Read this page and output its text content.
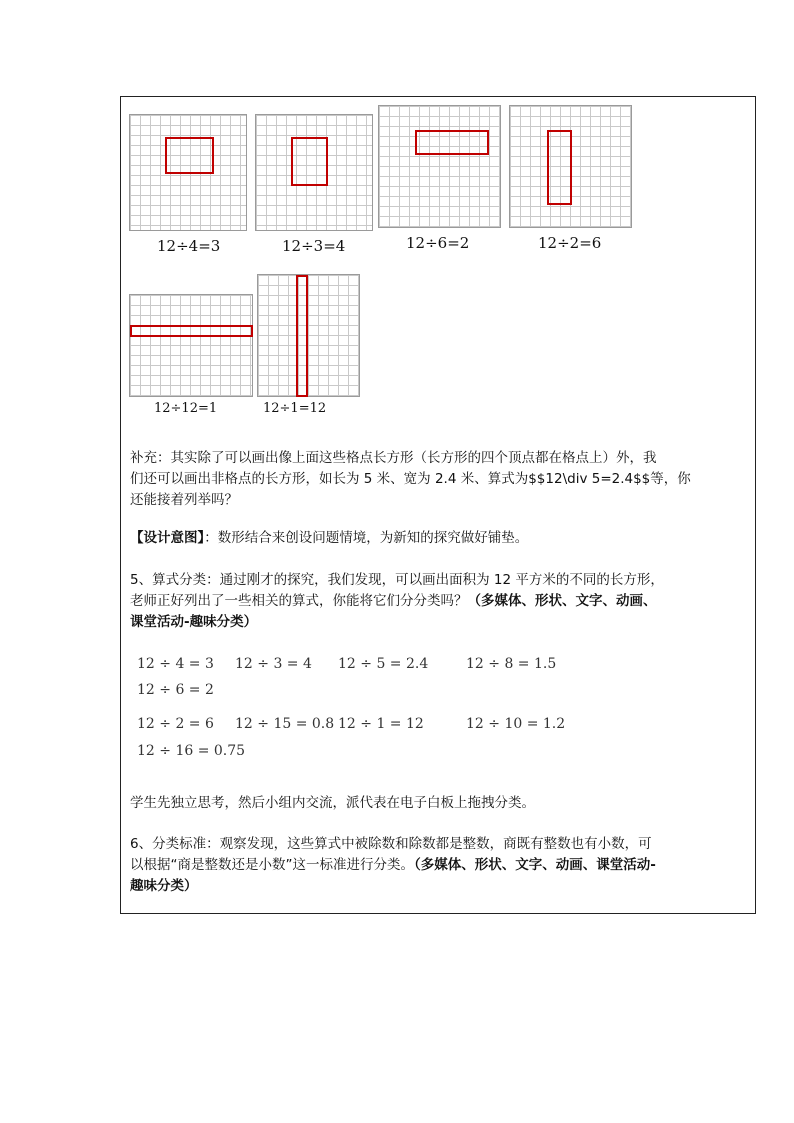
12÷4=3	12÷3=4	12÷6=2	12÷2=6
12÷12=1	12÷1=12
补充：其实除了可以画出像上面这些格点长方形（长方形的四个顶点都在格点上）外，我
们还可以画出非格点的长方形，如长为 5 米、宽为 2.4 米、算式为$$12\div 5=2.4$$等，你
还能接着列举吗？
【设计意图】：数形结合来创设问题情境，为新知的探究做好铺垫。
5、算式分类：通过刚才的探究，我们发现，可以画出面积为 12 平方米的不同的长方形，
老师正好列出了一些相关的算式，你能将它们分分类吗？（多媒体、形状、文字、动画、
课堂活动-趣味分类）
12 ÷ 4 = 3 12 ÷ 3 = 4 12 ÷ 5 = 2.4	12 ÷ 8 = 1.5
12 ÷ 6 = 2
12 ÷ 2 = 6 12 ÷ 15 = 0.8 12 ÷ 1 = 12	12 ÷ 10 = 1.2
12 ÷ 16 = 0.75
学生先独立思考，然后小组内交流，派代表在电子白板上拖拽分类。
6、分类标准：观察发现，这些算式中被除数和除数都是整数，商既有整数也有小数，可
以根据“商是整数还是小数”这一标准进行分类。（多媒体、形状、文字、动画、课堂活动-
趣味分类）
